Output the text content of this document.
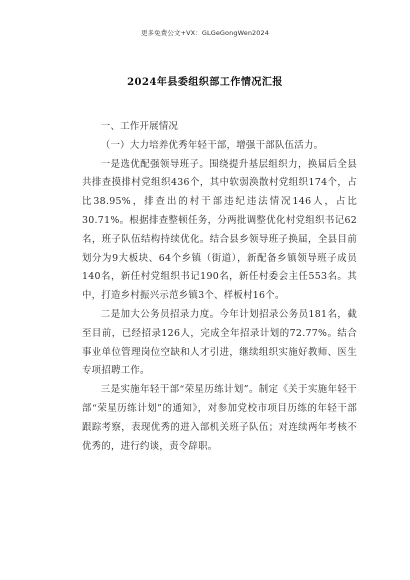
更多免费公文+VX：GLGeGongWen2024
2024年县委组织部工作情况汇报

一、工作开展情况

（一）大力培养优秀年轻干部，增强干部队伍活力。

一是选优配强领导班子。围绕提升基层组织力，换届后全县共排查摸排村党组织436个，其中软弱涣散村党组织174个，占比38.95%，排查出的村干部违纪违法情况146人，占比30.71%。根据排查整顿任务，分两批调整优化村党组织书记62名，班子队伍结构持续优化。结合县乡领导班子换届，全县目前划分为9大板块、64个乡镇（街道），新配备乡镇领导班子成员140名，新任村党组织书记190名，新任村委会主任553名。其中，打造乡村振兴示范乡镇3个、样板村16个。

二是加大公务员招录力度。今年计划招录公务员181名，截至目前，已经招录126人，完成全年招录计划的72.77%。结合事业单位管理岗位空缺和人才引进，继续组织实施好教师、医生专项招聘工作。

三是实施年轻干部“荣星历练计划”。制定《关于实施年轻干部“荣星历练计划”的通知》，对参加党校市项目历练的年轻干部跟踪考察，表现优秀的进入部机关班子队伍；对连续两年考核不优秀的，进行约谈，责令辞职。
